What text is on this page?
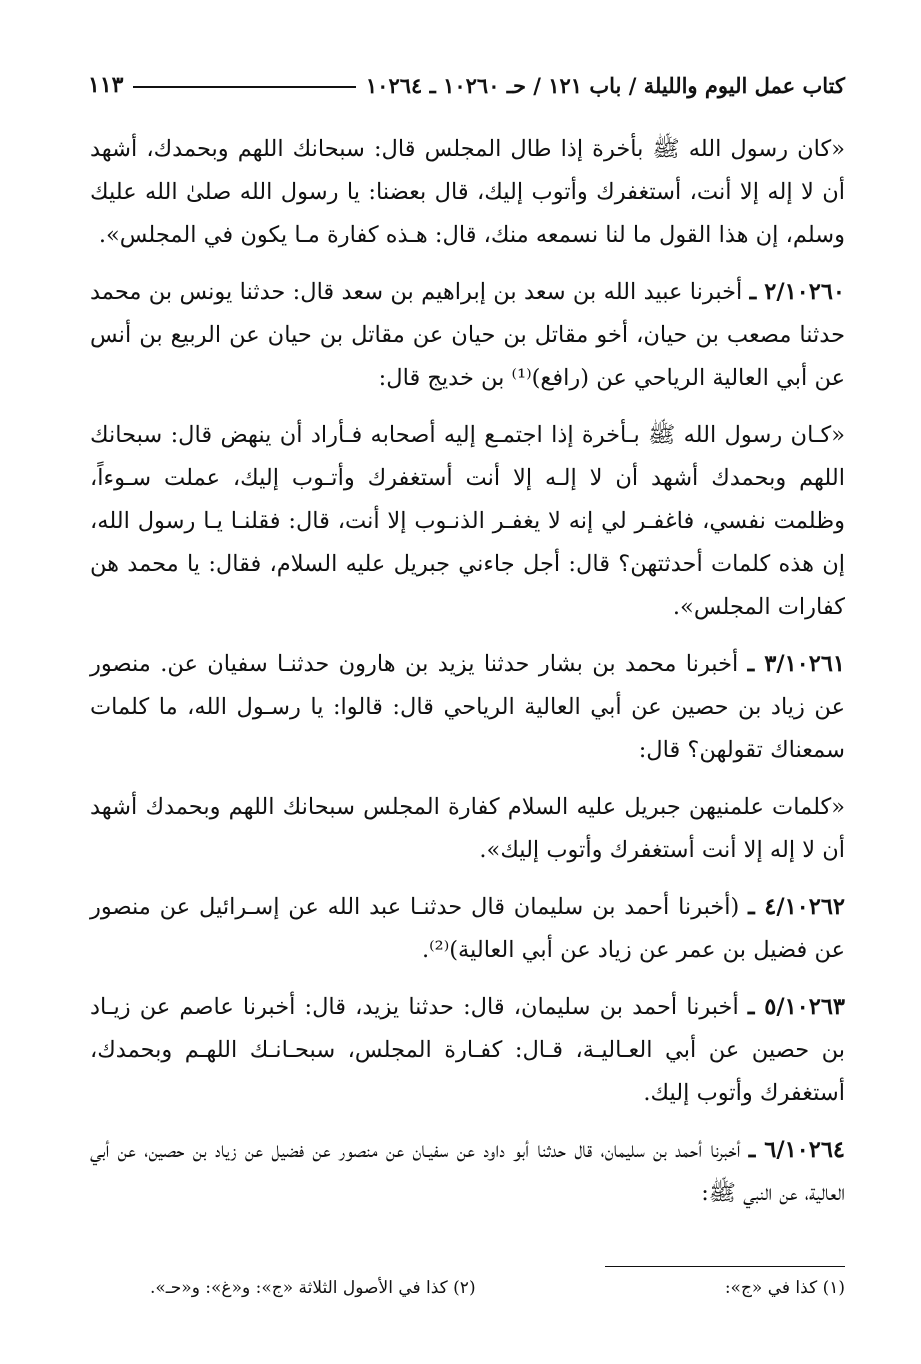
كتاب عمل اليوم والليلة / باب ١٢١ / حـ ١٠٢٦٠ ـ ١٠٢٦٤
١١٣

«كان رسول الله ﷺ بأخرة إذا طال المجلس قال: سبحانك اللهم وبحمدك، أشهد أن لا إله إلا أنت، أستغفرك وأتوب إليك، قال بعضنا: يا رسول الله صلىٰ الله عليك وسلم، إن هذا القول ما لنا نسمعه منك، قال: هـذه كفارة مـا يكون في المجلس».

٢/١٠٢٦٠ ـ أخبرنا عبيد الله بن سعد بن إبراهيم بن سعد قال: حدثنا يونس بن محمد حدثنا مصعب بن حيان، أخو مقاتل بن حيان عن مقاتل بن حيان عن الربيع بن أنس عن أبي العالية الرياحي عن (رافع)⁽¹⁾ بن خديج قال:

«كـان رسول الله ﷺ بـأخرة إذا اجتمـع إليه أصحابه فـأراد أن ينهض قال: سبحانك اللهم وبحمدك أشهد أن لا إلـه إلا أنت أستغفرك وأتـوب إليك، عملت سـوءاً، وظلمت نفسي، فاغفـر لي إنه لا يغفـر الذنـوب إلا أنت، قال: فقلنـا يـا رسول الله، إن هذه كلمات أحدثتهن؟ قال: أجل جاءني جبريل عليه السلام، فقال: يا محمد هن كفارات المجلس».

٣/١٠٢٦١ ـ أخبرنا محمد بن بشار حدثنا يزيد بن هارون حدثنـا سفيان عن. منصور عن زياد بن حصين عن أبي العالية الرياحي قال: قالوا: يا رسـول الله، ما كلمات سمعناك تقولهن؟ قال:

«كلمات علمنيهن جبريل عليه السلام كفارة المجلس سبحانك اللهم وبحمدك أشهد أن لا إله إلا أنت أستغفرك وأتوب إليك».

٤/١٠٢٦٢ ـ (أخبرنا أحمد بن سليمان قال حدثنـا عبد الله عن إسـرائيل عن منصور عن فضيل بن عمر عن زياد عن أبي العالية)⁽²⁾.

٥/١٠٢٦٣ ـ أخبرنا أحمد بن سليمان، قال: حدثنا يزيد، قال: أخبرنا عاصم عن زيـاد بن حصين عن أبي العـاليـة، قـال: كفـارة المجلس، سبحـانـك اللهـم وبحمدك، أستغفرك وأتوب إليك.

٦/١٠٢٦٤ ـ أخبرنا أحمد بن سليمان، قال حدثنا أبو داود عن سفيـان عن منصور عن فضيل عن زياد بن حصين، عن أبي العالية، عن النبي ﷺ:

(١) كذا في «ج»:
(٢) كذا في الأصول الثلاثة «ج»: و«غ»: و«حـ».
